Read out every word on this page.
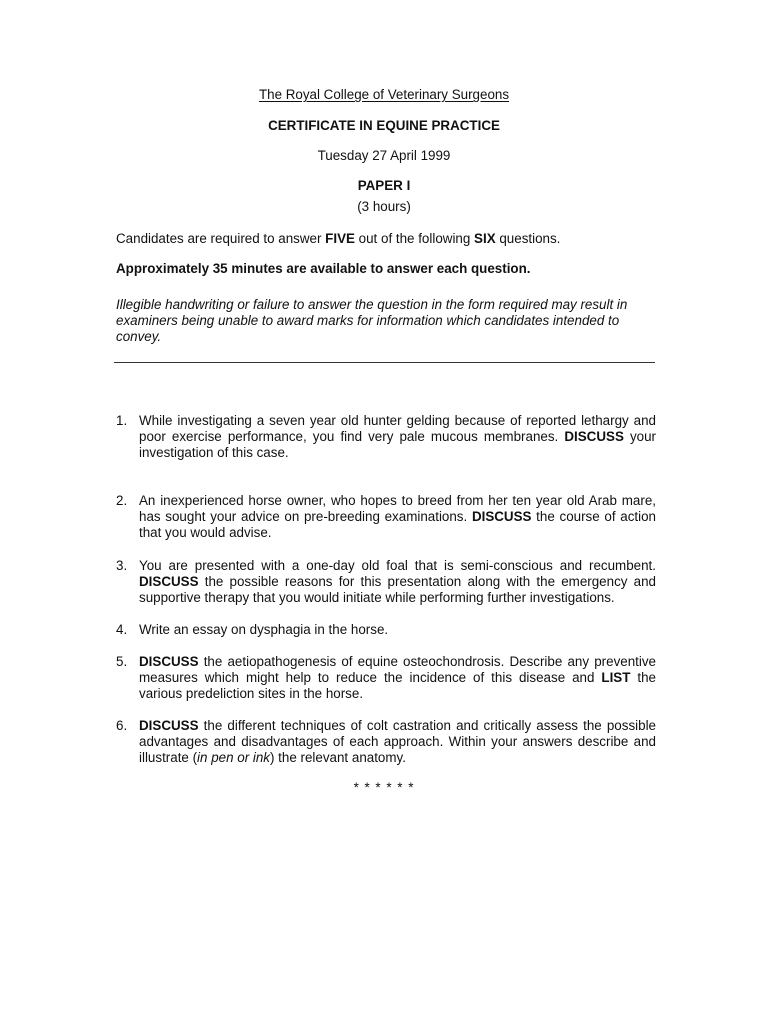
The Royal College of Veterinary Surgeons
CERTIFICATE IN EQUINE PRACTICE
Tuesday 27 April 1999
PAPER I
(3 hours)
Candidates are required to answer FIVE out of the following SIX questions.
Approximately 35 minutes are available to answer each question.
Illegible handwriting or failure to answer the question in the form required may result in examiners being unable to award marks for information which candidates intended to convey.
1. While investigating a seven year old hunter gelding because of reported lethargy and poor exercise performance, you find very pale mucous membranes. DISCUSS your investigation of this case.
2. An inexperienced horse owner, who hopes to breed from her ten year old Arab mare, has sought your advice on pre-breeding examinations. DISCUSS the course of action that you would advise.
3. You are presented with a one-day old foal that is semi-conscious and recumbent. DISCUSS the possible reasons for this presentation along with the emergency and supportive therapy that you would initiate while performing further investigations.
4. Write an essay on dysphagia in the horse.
5. DISCUSS the aetiopathogenesis of equine osteochondrosis. Describe any preventive measures which might help to reduce the incidence of this disease and LIST the various predeliction sites in the horse.
6. DISCUSS the different techniques of colt castration and critically assess the possible advantages and disadvantages of each approach. Within your answers describe and illustrate (in pen or ink) the relevant anatomy.
* * * * * *
